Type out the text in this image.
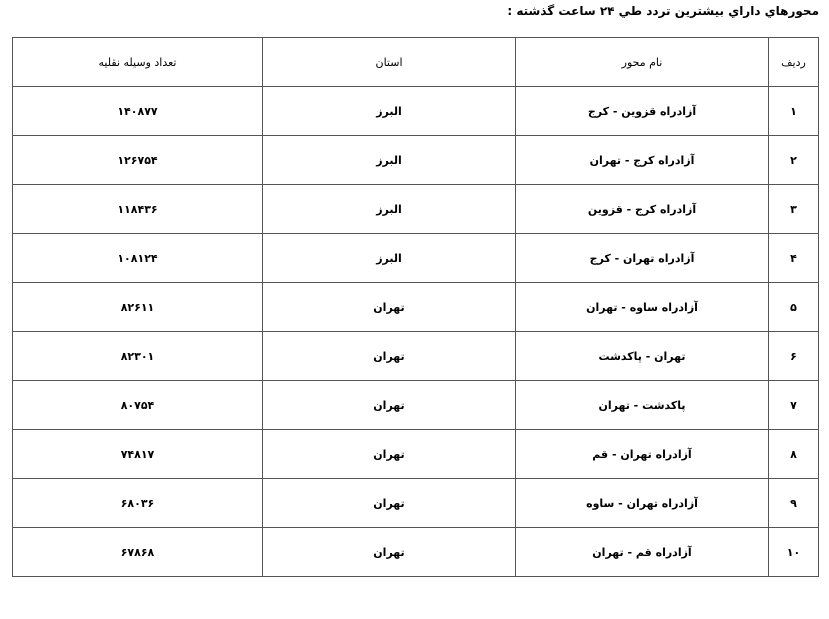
محورهاي داراي بيشترين تردد طي ۲۴ ساعت گذشته :
رديف	نام محور	استان	تعداد وسيله نقليه
۱	آزادراه قزوين - كرج	البرز	۱۴۰۸۷۷
۲	آزادراه كرج - تهران	البرز	۱۲۶۷۵۴
۳	آزادراه كرج - قزوين	البرز	۱۱۸۴۳۶
۴	آزادراه تهران - كرج	البرز	۱۰۸۱۲۴
۵	آزادراه ساوه - تهران	تهران	۸۲۶۱۱
۶	تهران - پاكدشت	تهران	۸۲۳۰۱
۷	پاكدشت - تهران	تهران	۸۰۷۵۴
۸	آزادراه تهران - قم	تهران	۷۴۸۱۷
۹	آزادراه تهران - ساوه	تهران	۶۸۰۳۶
۱۰	آزادراه قم - تهران	تهران	۶۷۸۶۸
